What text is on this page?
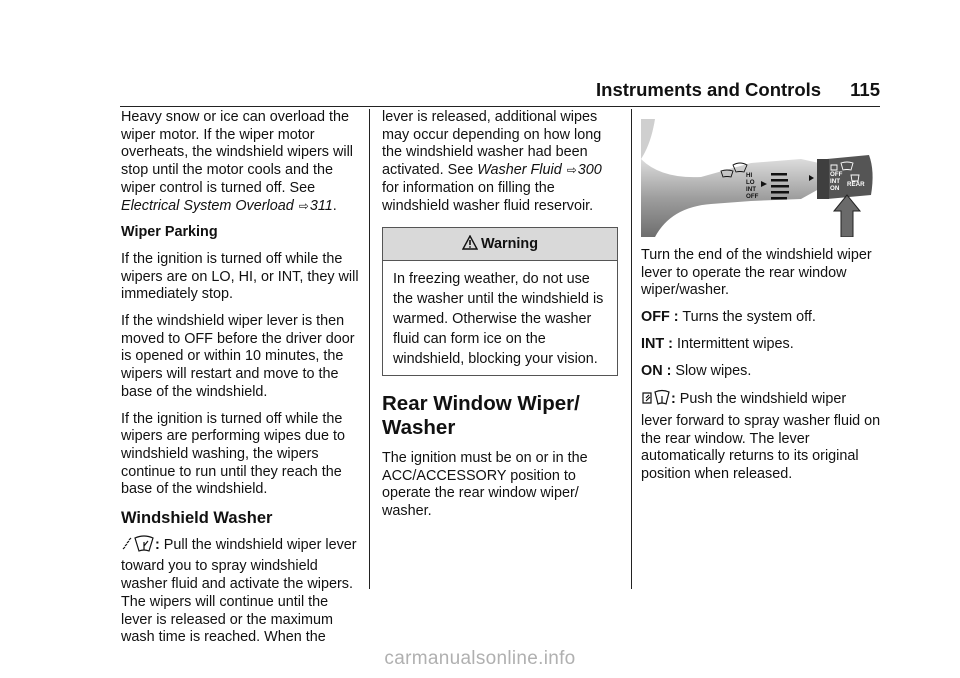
Instruments and Controls 115

Heavy snow or ice can overload the wiper motor. If the wiper motor overheats, the windshield wipers will stop until the motor cools and the wiper control is turned off. See Electrical System Overload ⇨311.

Wiper Parking

If the ignition is turned off while the wipers are on LO, HI, or INT, they will immediately stop.

If the windshield wiper lever is then moved to OFF before the driver door is opened or within 10 minutes, the wipers will restart and move to the base of the windshield.

If the ignition is turned off while the wipers are performing wipes due to windshield washing, the wipers continue to run until they reach the base of the windshield.

Windshield Washer

: Pull the windshield wiper lever toward you to spray windshield washer fluid and activate the wipers. The wipers will continue until the lever is released or the maximum wash time is reached. When the

lever is released, additional wipes may occur depending on how long the windshield washer had been activated. See Washer Fluid ⇨300 for information on filling the windshield washer fluid reservoir.

Warning
In freezing weather, do not use the washer until the windshield is warmed. Otherwise the washer fluid can form ice on the windshield, blocking your vision.
Rear Window Wiper/
Washer

The ignition must be on or in the ACC/ACCESSORY position to operate the rear window wiper/ washer.

HI
LO
INT
OFF
OFF
INT
ON
REAR

Turn the end of the windshield wiper lever to operate the rear window wiper/washer.

OFF : Turns the system off.

INT : Intermittent wipes.

ON : Slow wipes.

: Push the windshield wiper lever forward to spray washer fluid on the rear window. The lever automatically returns to its original position when released.

carmanualsonline.info
